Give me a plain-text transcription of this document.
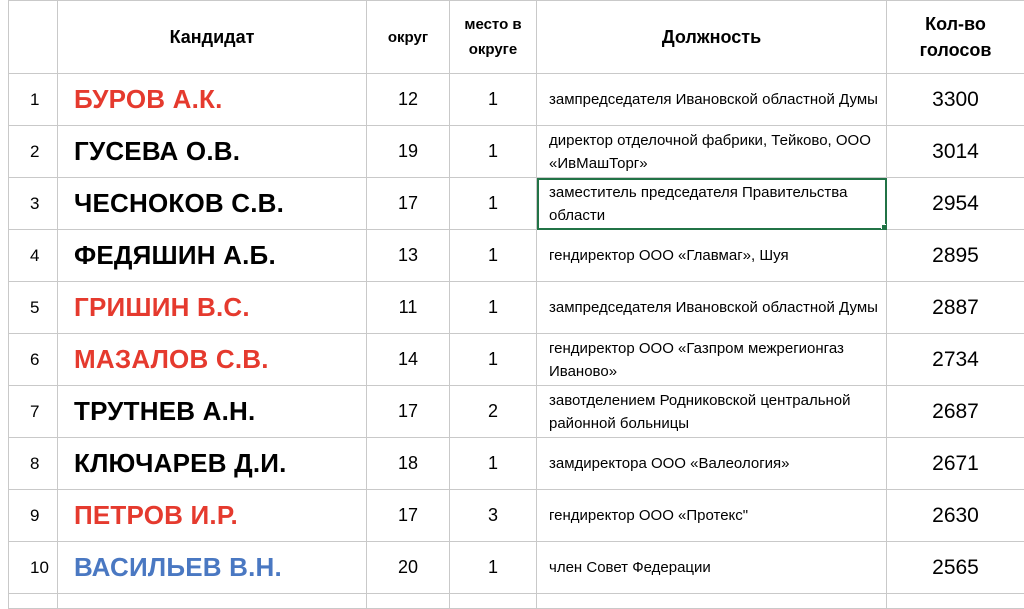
	Кандидат	округ	место в округе	Должность	Кол-во голосов
1	БУРОВ А.К.	12	1	зампредседателя Ивановской областной Думы	3300
2	ГУСЕВА О.В.	19	1	директор отделочной фабрики, Тейково, ООО «ИвМашТорг»	3014
3	ЧЕСНОКОВ С.В.	17	1	заместитель председателя Правительства области	2954
4	ФЕДЯШИН А.Б.	13	1	гендиректор ООО «Главмаг», Шуя	2895
5	ГРИШИН В.С.	11	1	зампредседателя Ивановской областной Думы	2887
6	МАЗАЛОВ С.В.	14	1	гендиректор ООО «Газпром межрегионгаз Иваново»	2734
7	ТРУТНЕВ А.Н.	17	2	завотделением Родниковской центральной районной больницы	2687
8	КЛЮЧАРЕВ Д.И.	18	1	замдиректора ООО «Валеология»	2671
9	ПЕТРОВ И.Р.	17	3	гендиректор ООО «Протекс"	2630
10	ВАСИЛЬЕВ В.Н.	20	1	член Совет Федерации	2565
